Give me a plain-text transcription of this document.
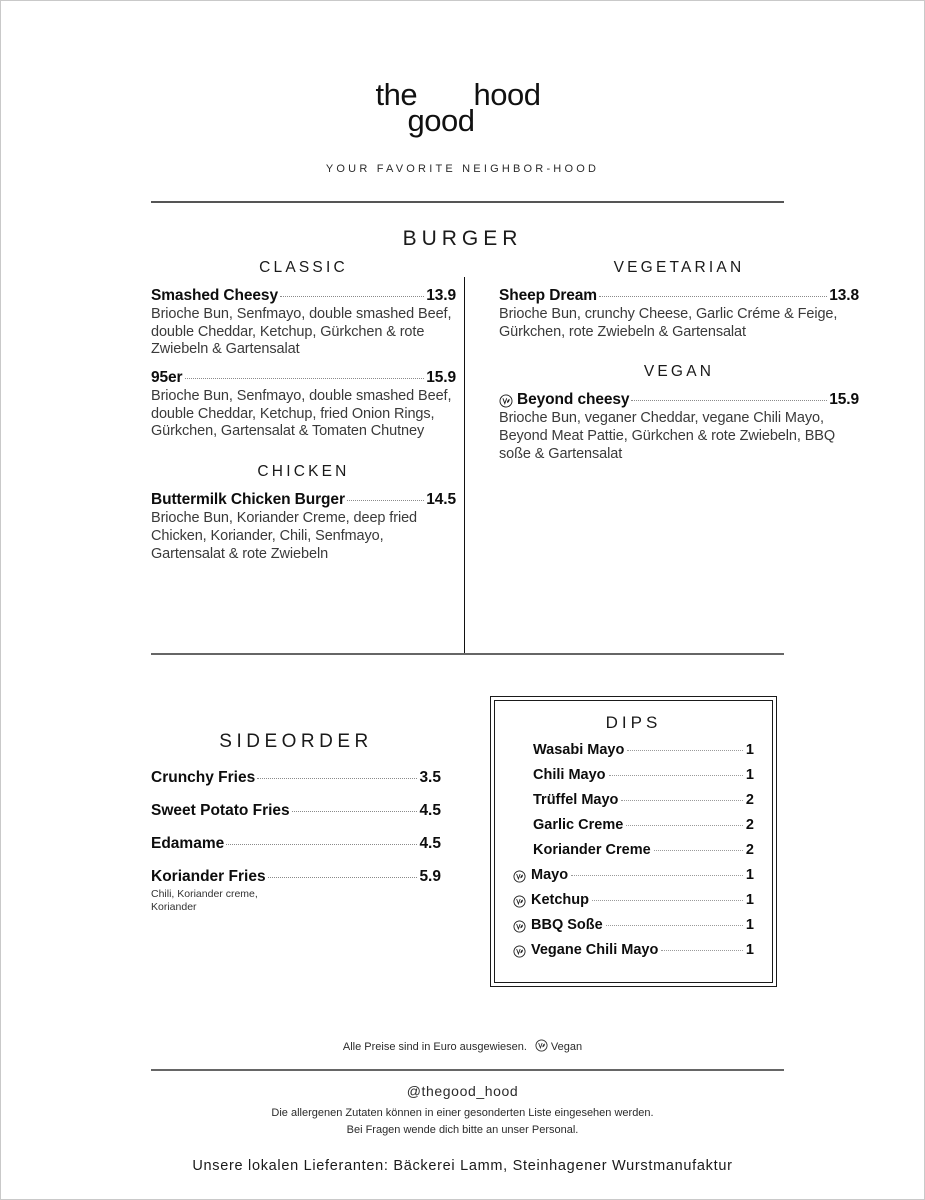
the hood
good
YOUR FAVORITE NEIGHBOR-HOOD
BURGER
CLASSIC
Smashed Cheesy	13.9
Brioche Bun, Senfmayo, double smashed Beef, double Cheddar, Ketchup, Gürkchen & rote Zwiebeln & Gartensalat
95er	15.9
Brioche Bun, Senfmayo, double smashed Beef, double Cheddar, Ketchup, fried Onion Rings, Gürkchen, Gartensalat & Tomaten Chutney
CHICKEN
Buttermilk Chicken Burger	14.5
Brioche Bun, Koriander Creme, deep fried Chicken, Koriander, Chili, Senfmayo, Gartensalat & rote Zwiebeln
VEGETARIAN
Sheep Dream	13.8
Brioche Bun, crunchy Cheese, Garlic Créme & Feige, Gürkchen, rote Zwiebeln & Gartensalat
VEGAN
Beyond cheesy	15.9
Brioche Bun, veganer Cheddar, vegane Chili Mayo, Beyond Meat Pattie, Gürkchen & rote Zwiebeln, BBQ soße & Gartensalat
SIDEORDER
Crunchy Fries	3.5
Sweet Potato Fries	4.5
Edamame	4.5
Koriander Fries	5.9
Chili, Koriander creme,
Koriander
DIPS
Wasabi Mayo	1
Chili Mayo	1
Trüffel Mayo	2
Garlic Creme	2
Koriander Creme	2
Mayo	1
Ketchup	1
BBQ Soße	1
Vegane Chili Mayo	1
Alle Preise sind in Euro ausgewiesen. Vegan
@thegood_hood
Die allergenen Zutaten können in einer gesonderten Liste eingesehen werden.
Bei Fragen wende dich bitte an unser Personal.
Unsere lokalen Lieferanten: Bäckerei Lamm, Steinhagener Wurstmanufaktur
